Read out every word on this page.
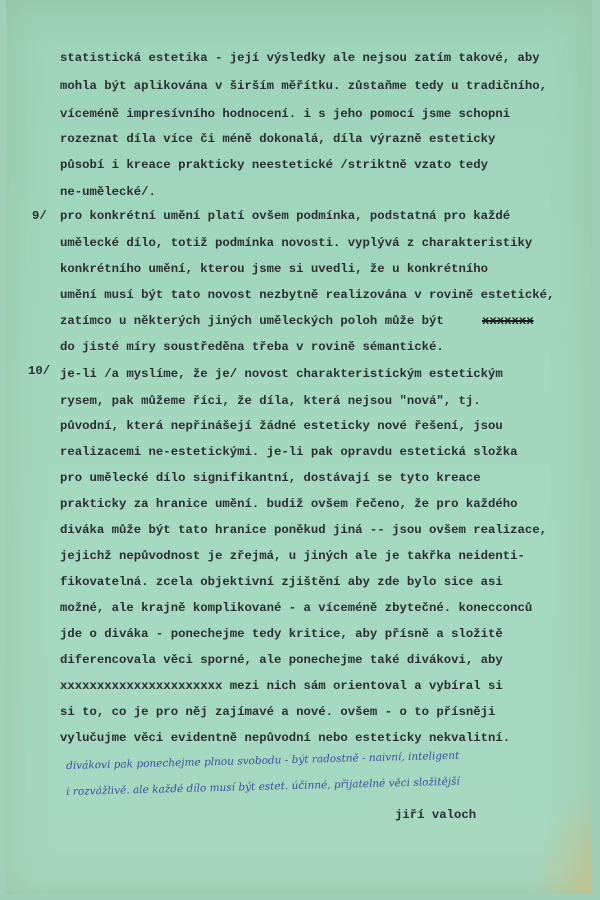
statistická estetika - její výsledky ale nejsou zatím takové, aby
mohla být aplikována v širším měřítku. zůstaňme tedy u tradičního,
víceméně impresívního hodnocení. i s jeho pomocí jsme schopni
rozeznat díla více či méně dokonalá, díla výrazně esteticky
působí i kreace prakticky neestetické /striktně vzato tedy
ne-umělecké/.
9/ pro konkrétní umění platí ovšem podmínka, podstatná pro každé
umělecké dílo, totiž podmínka novosti. vyplývá z charakteristiky
konkrétního umění, kterou jsme si uvedli, že u konkrétního
umění musí být tato novost nezbytně realizována v rovině estetické,
zatímco u některých jiných uměleckých poloh může být	xxxxxxx
do jisté míry soustředěna třeba v rovině sémantické.
10/ je-li /a myslíme, že je/ novost charakteristickým estetickým
rysem, pak můžeme říci, že díla, která nejsou "nová", tj.
původní, která nepřinášejí žádné esteticky nové řešení, jsou
realizacemi ne-estetickými. je-li pak opravdu estetická složka
pro umělecké dílo signifikantní, dostávají se tyto kreace
prakticky za hranice umění. budiž ovšem řečeno, že pro každého
diváka může být tato hranice poněkud jiná -- jsou ovšem realizace,
jejichž nepůvodnost je zřejmá, u jiných ale je takřka neidenti-
fikovatelná. zcela objektivní zjištění aby zde bylo sice asi
možné, ale krajně komplikované - a víceméně zbytečné. konecconců
jde o diváka - ponechejme tedy kritice, aby přísně a složitě
diferencovala věci sporné, ale ponechejme také divákovi, aby
xxxxxxxxxxxxxxxxxxxxxx mezi nich sám orientoval a vybíral si
si to, co je pro něj zajímavé a nové. ovšem - o to přísněji
vylučujme věci evidentně nepůvodní nebo esteticky nekvalitní.
divákovi pak ponechejme plnou svobodu - být radostně - naivní, inteligent
i rozvážlivě. ale každé dílo musí být estet. účinné, přijatelné věci složitější
jiří valoch
